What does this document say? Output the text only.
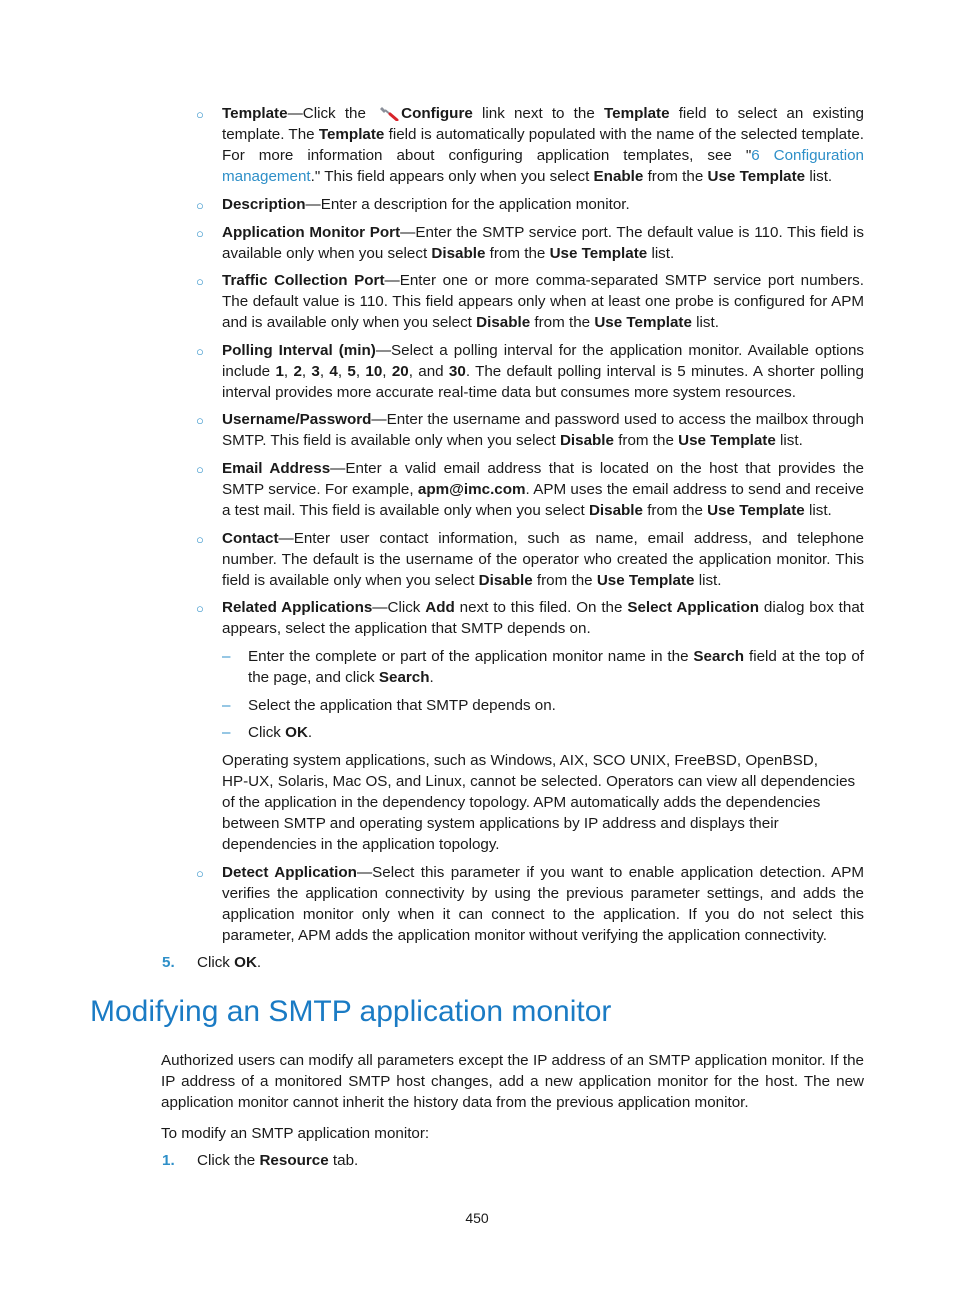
○ Template—Click the Configure link next to the Template field to select an existing template. The Template field is automatically populated with the name of the selected template. For more information about configuring application templates, see "6 Configuration management." This field appears only when you select Enable from the Use Template list.
○ Description—Enter a description for the application monitor.
○ Application Monitor Port—Enter the SMTP service port. The default value is 110. This field is available only when you select Disable from the Use Template list.
○ Traffic Collection Port—Enter one or more comma-separated SMTP service port numbers. The default value is 110. This field appears only when at least one probe is configured for APM and is available only when you select Disable from the Use Template list.
○ Polling Interval (min)—Select a polling interval for the application monitor. Available options include 1, 2, 3, 4, 5, 10, 20, and 30. The default polling interval is 5 minutes. A shorter polling interval provides more accurate real-time data but consumes more system resources.
○ Username/Password—Enter the username and password used to access the mailbox through SMTP. This field is available only when you select Disable from the Use Template list.
○ Email Address—Enter a valid email address that is located on the host that provides the SMTP service. For example, apm@imc.com. APM uses the email address to send and receive a test mail. This field is available only when you select Disable from the Use Template list.
○ Contact—Enter user contact information, such as name, email address, and telephone number. The default is the username of the operator who created the application monitor. This field is available only when you select Disable from the Use Template list.
○ Related Applications—Click Add next to this filed. On the Select Application dialog box that appears, select the application that SMTP depends on.
– Enter the complete or part of the application monitor name in the Search field at the top of the page, and click Search.
– Select the application that SMTP depends on.
– Click OK.
Operating system applications, such as Windows, AIX, SCO UNIX, FreeBSD, OpenBSD,
HP-UX, Solaris, Mac OS, and Linux, cannot be selected. Operators can view all dependencies
of the application in the dependency topology. APM automatically adds the dependencies
between SMTP and operating system applications by IP address and displays their
dependencies in the application topology.
○ Detect Application—Select this parameter if you want to enable application detection. APM verifies the application connectivity by using the previous parameter settings, and adds the application monitor only when it can connect to the application. If you do not select this parameter, APM adds the application monitor without verifying the application connectivity.
5. Click OK.
Modifying an SMTP application monitor
Authorized users can modify all parameters except the IP address of an SMTP application monitor. If the IP address of a monitored SMTP host changes, add a new application monitor for the host. The new application monitor cannot inherit the history data from the previous application monitor.
To modify an SMTP application monitor:
1. Click the Resource tab.
450
